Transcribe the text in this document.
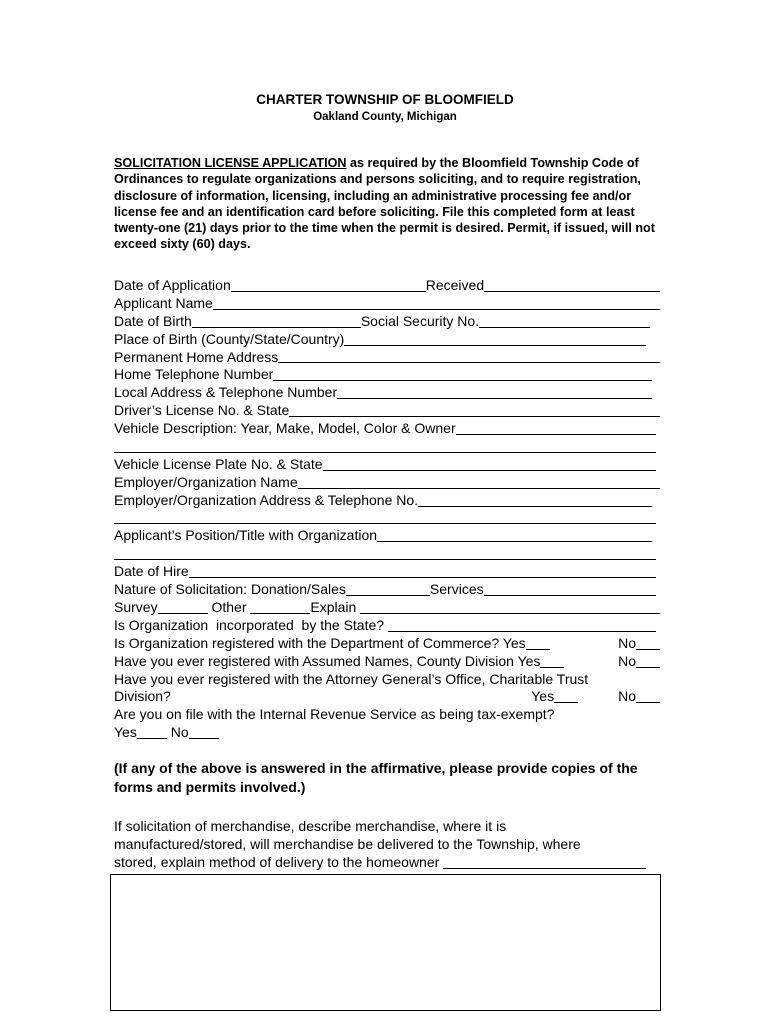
CHARTER TOWNSHIP OF BLOOMFIELD
Oakland County, Michigan
SOLICITATION LICENSE APPLICATION as required by the Bloomfield Township Code of Ordinances to regulate organizations and persons soliciting, and to require registration, disclosure of information, licensing, including an administrative processing fee and/or license fee and an identification card before soliciting. File this completed form at least twenty-one (21) days prior to the time when the permit is desired. Permit, if issued, will not exceed sixty (60) days.
Date of Application	Received
Applicant Name
Date of Birth	Social Security No.
Place of Birth (County/State/Country)
Permanent Home Address
Home Telephone Number
Local Address & Telephone Number
Driver’s License No. & State
Vehicle Description: Year, Make, Model, Color & Owner
Vehicle License Plate No. & State
Employer/Organization Name
Employer/Organization Address & Telephone No.
Applicant’s Position/Title with Organization
Date of Hire
Nature of Solicitation: Donation/Sales	Services
Survey	Other	Explain
Is Organization  incorporated  by the State?
Is Organization registered with the Department of Commerce? Yes	No
Have you ever registered with Assumed Names, County Division Yes	No
Have you ever registered with the Attorney General’s Office, Charitable Trust
Division?	Yes	No
Are you on file with the Internal Revenue Service as being tax-exempt?
Yes No
(If any of the above is answered in the affirmative, please provide copies of the forms and permits involved.)
If solicitation of merchandise, describe merchandise, where it is
manufactured/stored, will merchandise be delivered to the Township, where
stored, explain method of delivery to the homeowner
